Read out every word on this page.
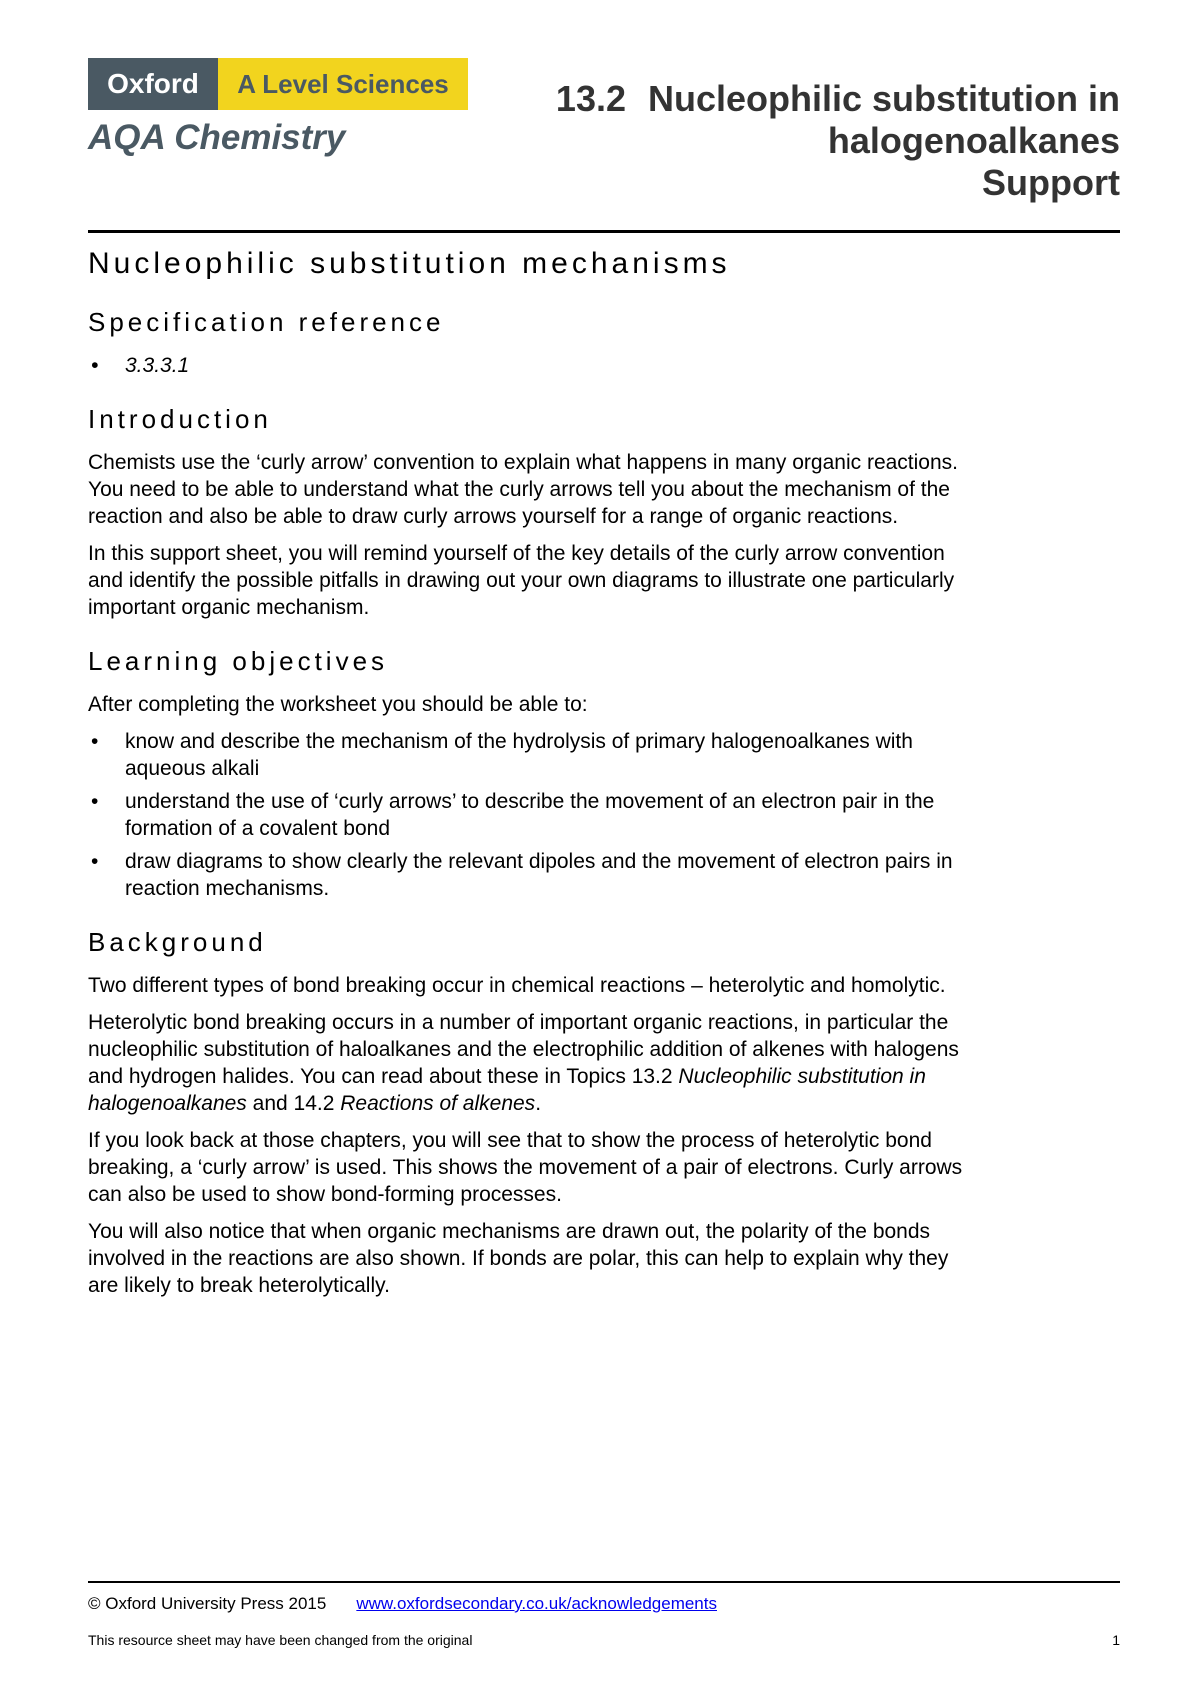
Oxford	A Level Sciences
AQA Chemistry
13.2 Nucleophilic substitution in
halogenoalkanes
Support
Nucleophilic substitution mechanisms
Specification reference
• 3.3.3.1
Introduction

Chemists use the ‘curly arrow’ convention to explain what happens in many organic reactions. You need to be able to understand what the curly arrows tell you about the mechanism of the reaction and also be able to draw curly arrows yourself for a range of organic reactions.

In this support sheet, you will remind yourself of the key details of the curly arrow convention and identify the possible pitfalls in drawing out your own diagrams to illustrate one particularly important organic mechanism.

Learning objectives

After completing the worksheet you should be able to:

• know and describe the mechanism of the hydrolysis of primary halogenoalkanes with aqueous alkali
• understand the use of ‘curly arrows’ to describe the movement of an electron pair in the formation of a covalent bond
• draw diagrams to show clearly the relevant dipoles and the movement of electron pairs in reaction mechanisms.
Background

Two different types of bond breaking occur in chemical reactions – heterolytic and homolytic.

Heterolytic bond breaking occurs in a number of important organic reactions, in particular the nucleophilic substitution of haloalkanes and the electrophilic addition of alkenes with halogens and hydrogen halides. You can read about these in Topics 13.2 Nucleophilic substitution in halogenoalkanes and 14.2 Reactions of alkenes.

If you look back at those chapters, you will see that to show the process of heterolytic bond breaking, a ‘curly arrow’ is used. This shows the movement of a pair of electrons. Curly arrows can also be used to show bond-forming processes.

You will also notice that when organic mechanisms are drawn out, the polarity of the bonds involved in the reactions are also shown. If bonds are polar, this can help to explain why they are likely to break heterolytically.

© Oxford University Press 2015 www.oxfordsecondary.co.uk/acknowledgements
This resource sheet may have been changed from the original	1
